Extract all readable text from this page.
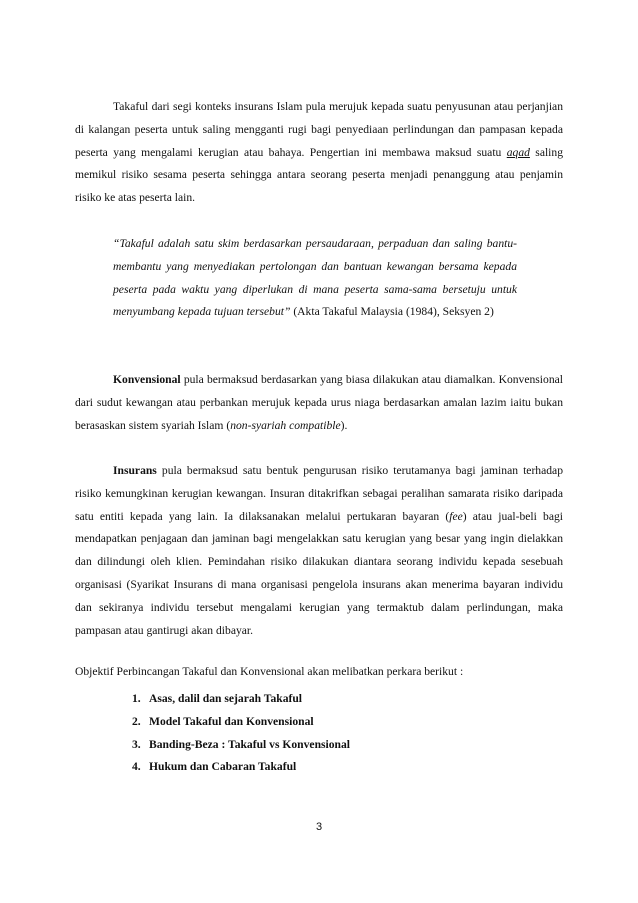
Takaful dari segi konteks insurans Islam pula merujuk kepada suatu penyusunan atau perjanjian di kalangan peserta untuk saling mengganti rugi bagi penyediaan perlindungan dan pampasan kepada peserta yang mengalami kerugian atau bahaya. Pengertian ini membawa maksud suatu aqad saling memikul risiko sesama peserta sehingga antara seorang peserta menjadi penanggung atau penjamin risiko ke atas peserta lain.

“Takaful adalah satu skim berdasarkan persaudaraan, perpaduan dan saling bantu-membantu yang menyediakan pertolongan dan bantuan kewangan bersama kepada peserta pada waktu yang diperlukan di mana peserta sama-sama bersetuju untuk menyumbang kepada tujuan tersebut” (Akta Takaful Malaysia (1984), Seksyen 2)

Konvensional pula bermaksud berdasarkan yang biasa dilakukan atau diamalkan. Konvensional dari sudut kewangan atau perbankan merujuk kepada urus niaga berdasarkan amalan lazim iaitu bukan berasaskan sistem syariah Islam (non-syariah compatible).

Insurans pula bermaksud satu bentuk pengurusan risiko terutamanya bagi jaminan terhadap risiko kemungkinan kerugian kewangan. Insuran ditakrifkan sebagai peralihan samarata risiko daripada satu entiti kepada yang lain. Ia dilaksanakan melalui pertukaran bayaran (fee) atau jual-beli bagi mendapatkan penjagaan dan jaminan bagi mengelakkan satu kerugian yang besar yang ingin dielakkan dan dilindungi oleh klien. Pemindahan risiko dilakukan diantara seorang individu kepada sesebuah organisasi (Syarikat Insurans di mana organisasi pengelola insurans akan menerima bayaran individu dan sekiranya individu tersebut mengalami kerugian yang termaktub dalam perlindungan, maka pampasan atau gantirugi akan dibayar.

Objektif Perbincangan Takaful dan Konvensional akan melibatkan perkara berikut :
1. Asas, dalil dan sejarah Takaful
2. Model Takaful dan Konvensional
3. Banding-Beza : Takaful vs Konvensional
4. Hukum dan Cabaran Takaful
3
